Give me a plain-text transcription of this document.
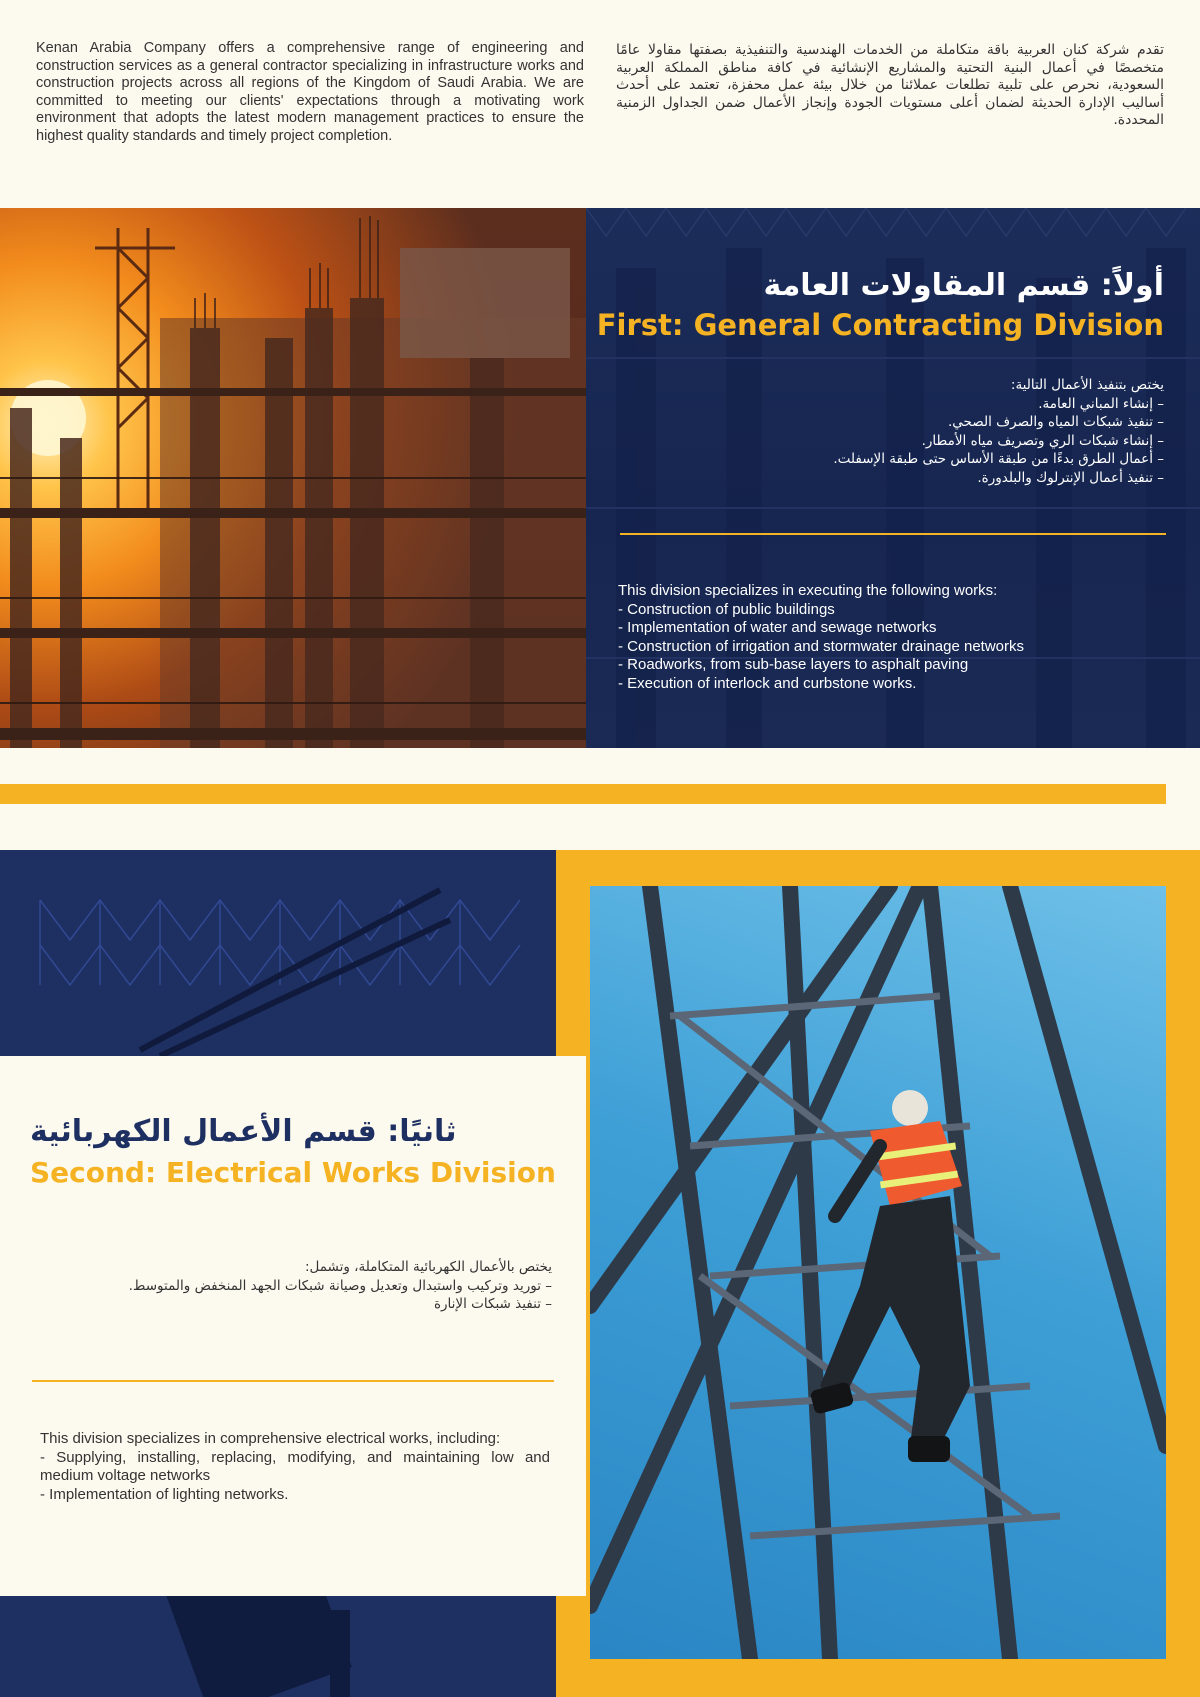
Kenan Arabia Company offers a comprehensive range of engineering and construction services as a general contractor specializing in infrastructure works and construction projects across all regions of the Kingdom of Saudi Arabia. We are committed to meeting our clients' expectations through a motivating work environment that adopts the latest modern management practices to ensure the highest quality standards and timely project completion.
تقدم شركة كنان العربية باقة متكاملة من الخدمات الهندسية والتنفيذية بصفتها مقاولا عامًا متخصصًا في أعمال البنية التحتية والمشاريع الإنشائية في كافة مناطق المملكة العربية السعودية، نحرص على تلبية تطلعات عملائنا من خلال بيئة عمل محفزة، تعتمد على أحدث أساليب الإدارة الحديثة لضمان أعلى مستويات الجودة وإنجاز الأعمال ضمن الجداول الزمنية المحددة.
أولاً: قسم المقاولات العامة
First: General Contracting Division
يختص بتنفيذ الأعمال التالية:
– إنشاء المباني العامة.
– تنفيذ شبكات المياه والصرف الصحي.
– إنشاء شبكات الري وتصريف مياه الأمطار.
– أعمال الطرق بدءًا من طبقة الأساس حتى طبقة الإسفلت.
– تنفيذ أعمال الإنترلوك والبلدورة.
This division specializes in executing the following works:
- Construction of public buildings
- Implementation of water and sewage networks
- Construction of irrigation and stormwater drainage networks
- Roadworks, from sub-base layers to asphalt paving
- Execution of interlock and curbstone works.
ثانيًا: قسم الأعمال الكهربائية
Second: Electrical Works Division
يختص بالأعمال الكهربائية المتكاملة، وتشمل:
– توريد وتركيب واستبدال وتعديل وصيانة شبكات الجهد المنخفض والمتوسط.
– تنفيذ شبكات الإنارة
This division specializes in comprehensive electrical works, including:
- Supplying, installing, replacing, modifying, and maintaining low and medium voltage networks
- Implementation of lighting networks.
